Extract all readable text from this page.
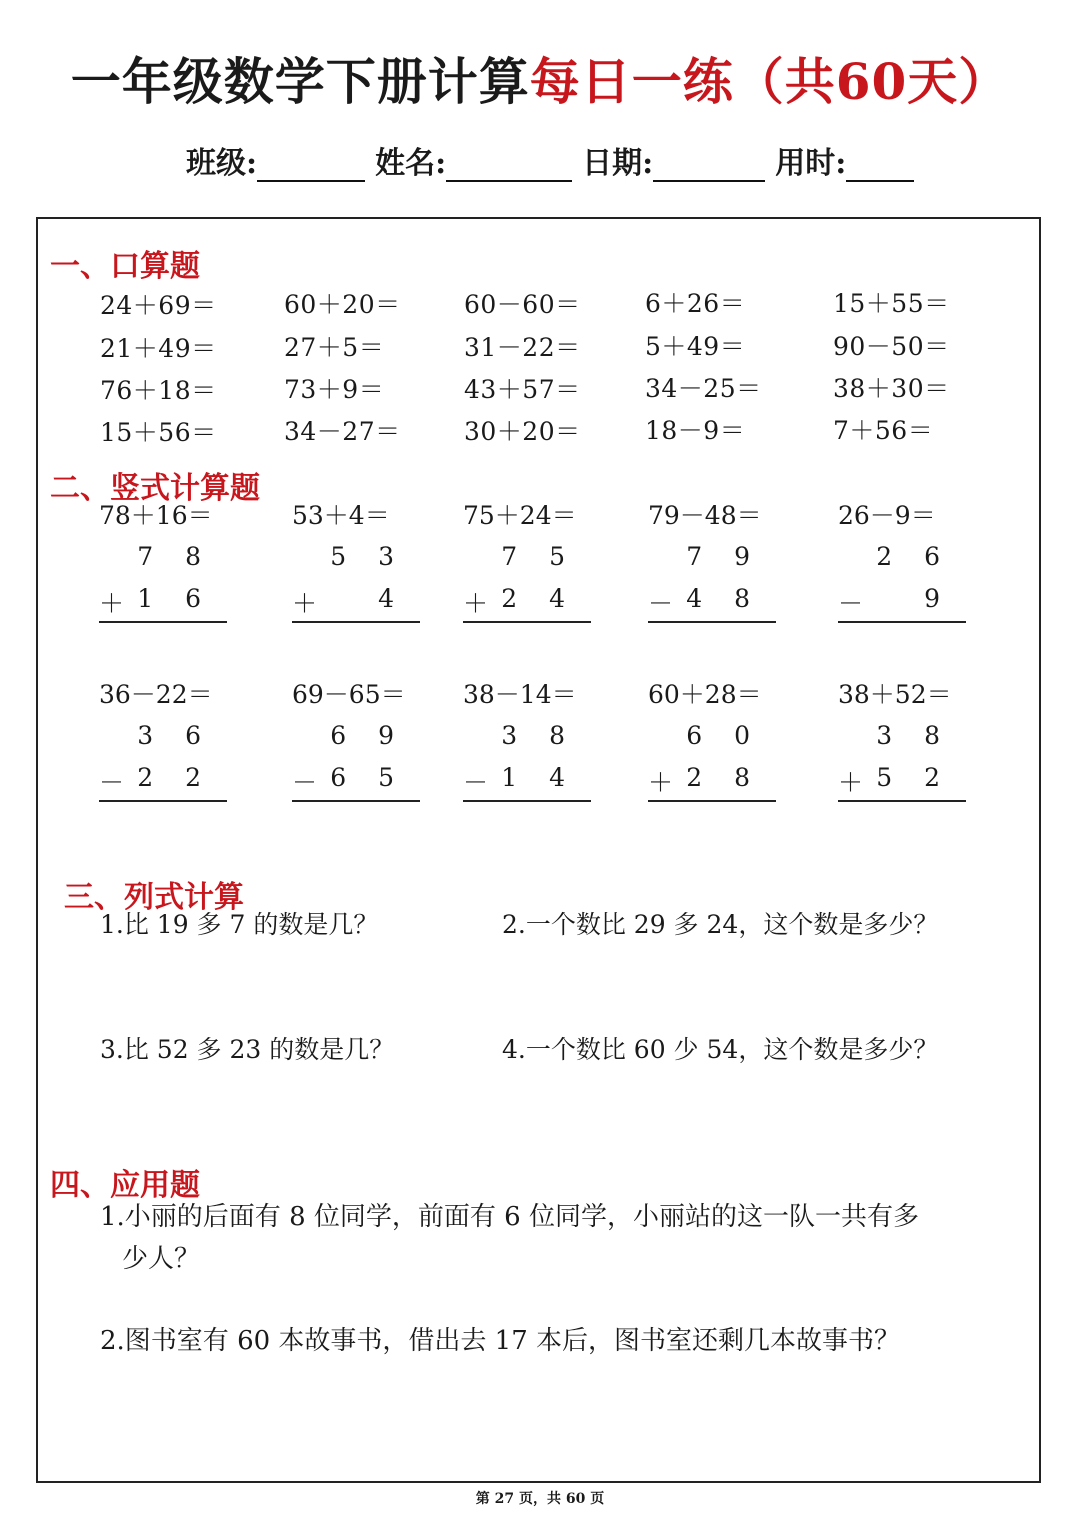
一年级数学下册计算每日一练（共60天）
班级:	姓名:	日期:	用时:
一、口算题
24＋69＝	60＋20＝	60－60＝	6＋26＝	15＋55＝
21＋49＝	27＋5＝	31－22＝	5＋49＝	90－50＝
76＋18＝	73＋9＝	43＋57＝	34－25＝	38＋30＝
15＋56＝	34－27＝	30＋20＝	18－9＝	7＋56＝
二、竖式计算题
78＋16＝
7 8
＋ 1 6
53＋4＝
5 3
＋ 4
75＋24＝
7 5
＋ 2 4
79－48＝
7 9
－ 4 8
26－9＝
2 6
－ 9
36－22＝
3 6
－ 2 2
69－65＝
6 9
－ 6 5
38－14＝
3 8
－ 1 4
60＋28＝
6 0
＋ 2 8
38＋52＝
3 8
＋ 5 2
三、列式计算
1.比 19 多 7 的数是几？	2.一个数比 29 多 24，这个数是多少？
3.比 52 多 23 的数是几？	4.一个数比 60 少 54，这个数是多少？
四、应用题
1.小丽的后面有 8 位同学，前面有 6 位同学，小丽站的这一队一共有多
少人？
2.图书室有 60 本故事书，借出去 17 本后，图书室还剩几本故事书？
第 27 页，共 60 页
